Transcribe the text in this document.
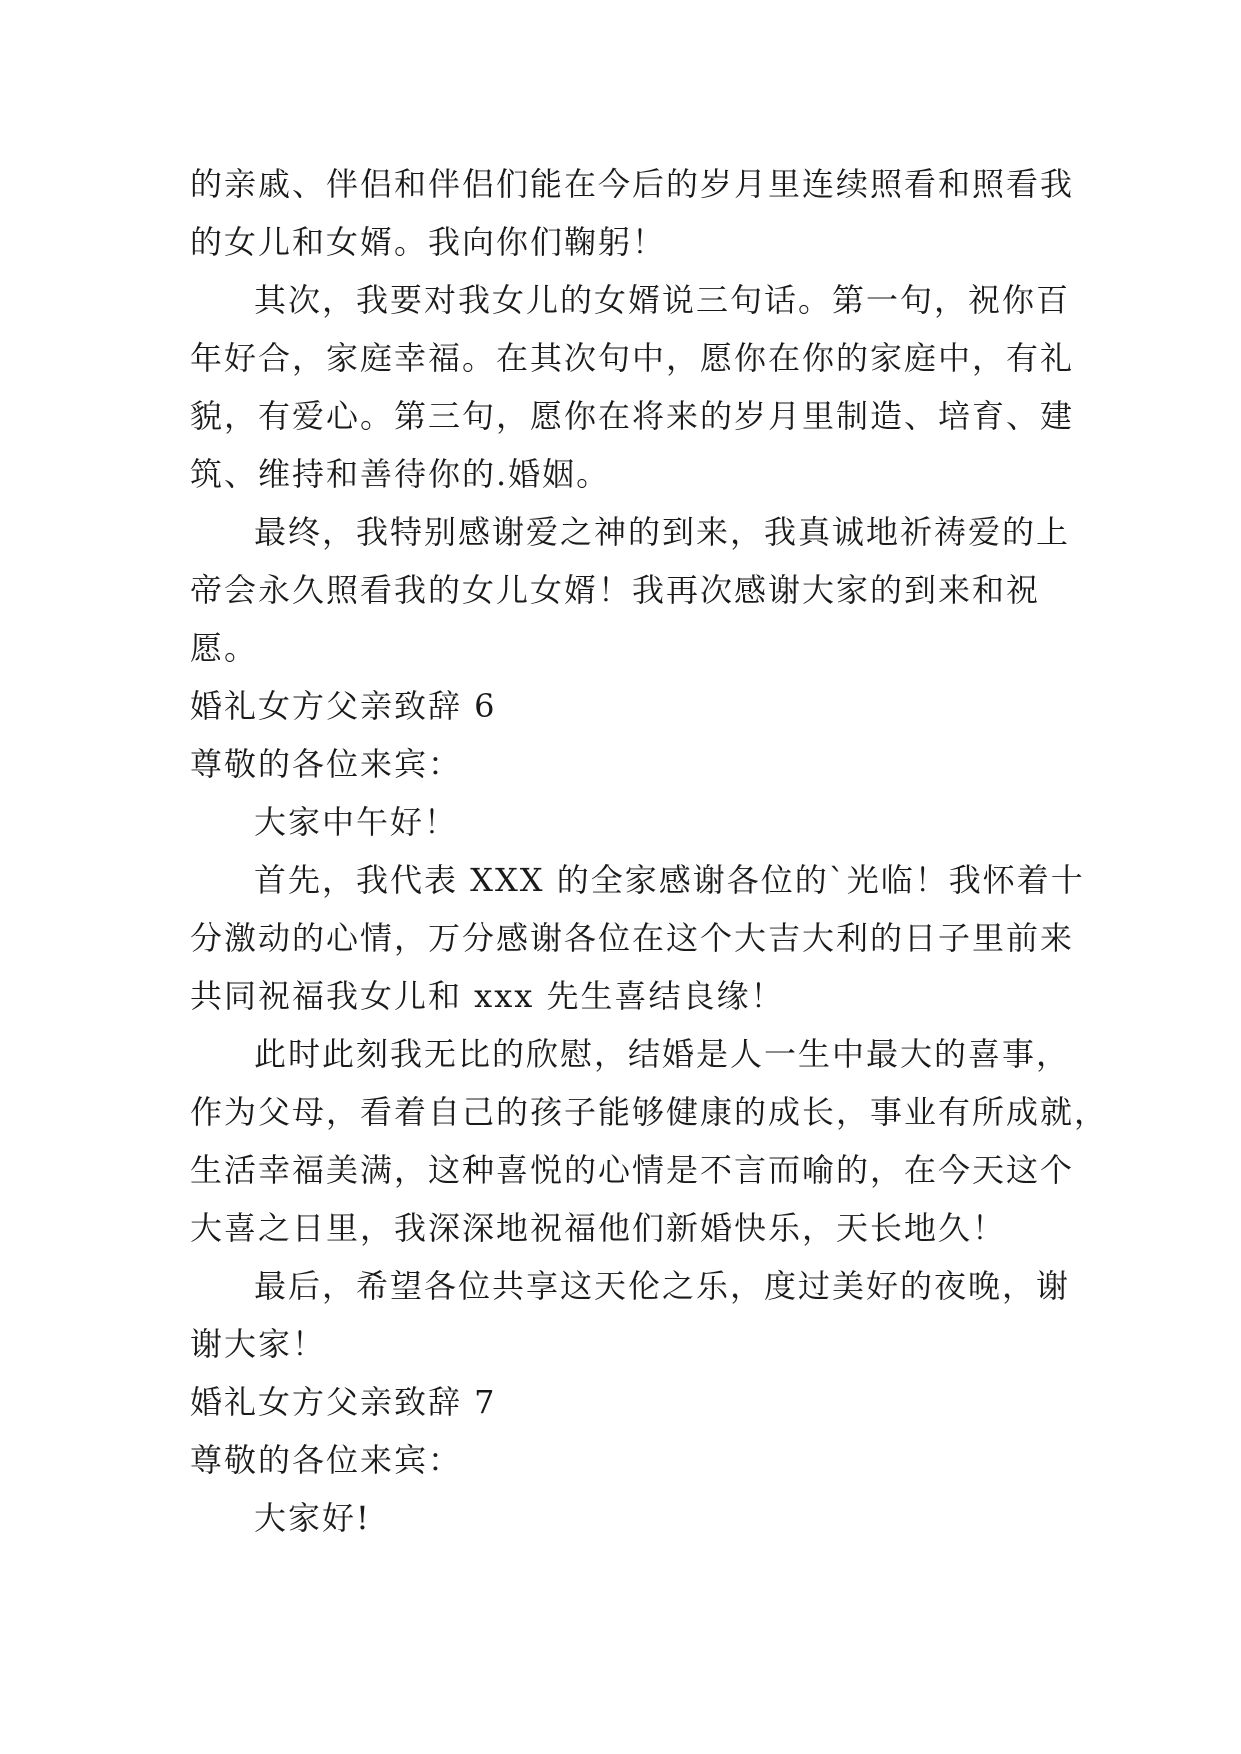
的亲戚、伴侣和伴侣们能在今后的岁月里连续照看和照看我
的女儿和女婿。我向你们鞠躬！

其次，我要对我女儿的女婿说三句话。第一句，祝你百
年好合，家庭幸福。在其次句中，愿你在你的家庭中，有礼
貌，有爱心。第三句，愿你在将来的岁月里制造、培育、建
筑、维持和善待你的.婚姻。

最终，我特别感谢爱之神的到来，我真诚地祈祷爱的上
帝会永久照看我的女儿女婿！我再次感谢大家的到来和祝
愿。

婚礼女方父亲致辞 6

尊敬的各位来宾：

大家中午好！

首先，我代表 XXX 的全家感谢各位的`光临！我怀着十
分激动的心情，万分感谢各位在这个大吉大利的日子里前来
共同祝福我女儿和 xxx 先生喜结良缘！

此时此刻我无比的欣慰，结婚是人一生中最大的喜事，
作为父母，看着自己的孩子能够健康的成长，事业有所成就，
生活幸福美满，这种喜悦的心情是不言而喻的，在今天这个
大喜之日里，我深深地祝福他们新婚快乐，天长地久！

最后，希望各位共享这天伦之乐，度过美好的夜晚，谢
谢大家！

婚礼女方父亲致辞 7

尊敬的各位来宾：

大家好!
